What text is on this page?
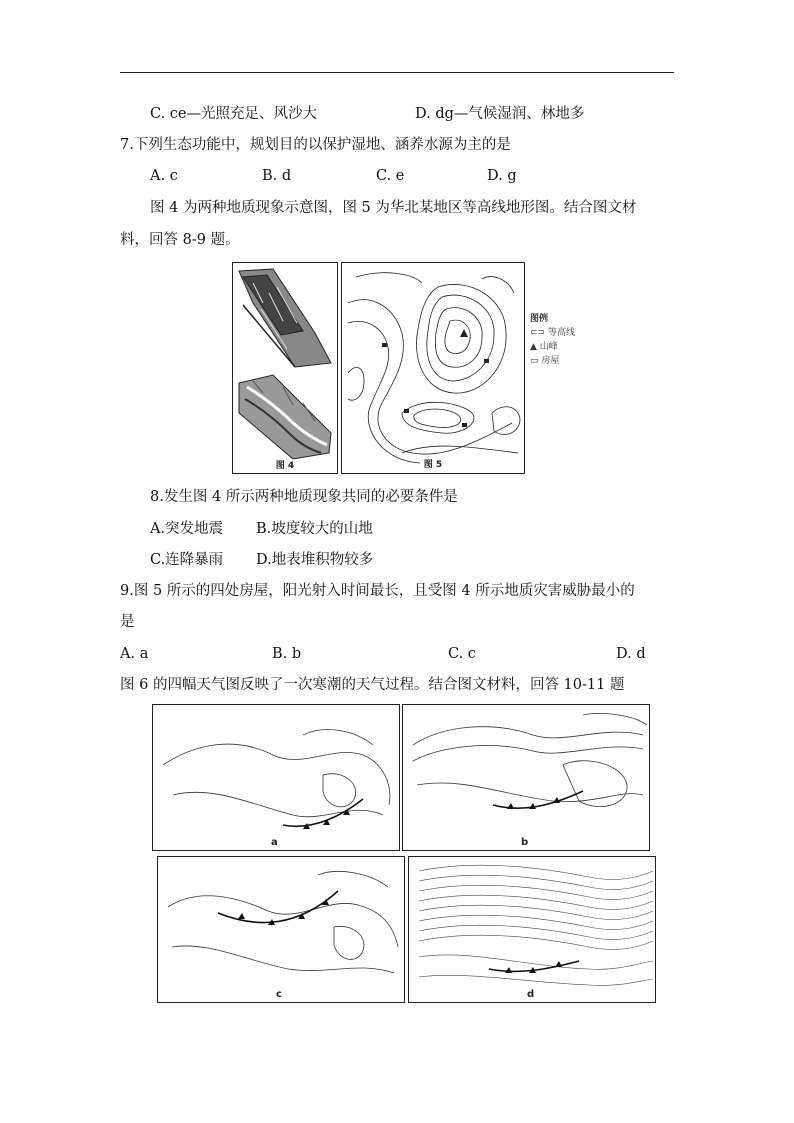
C. ce—光照充足、风沙大	D. dg—气候湿润、林地多
7.下列生态功能中，规划目的以保护湿地、涵养水源为主的是
A. c	B. d	C. e	D. g
图 4 为两种地质现象示意图，图 5 为华北某地区等高线地形图。结合图文材
料，回答 8-9 题。
图 4	图 5
图例
⊂⊃ 等高线
▲ 山峰
▭ 房屋
8.发生图 4 所示两种地质现象共同的必要条件是
A.突发地震 B.坡度较大的山地
C.连降暴雨 D.地表堆积物较多
9.图 5 所示的四处房屋，阳光射入时间最长，且受图 4 所示地质灾害威胁最小的
是
A. a	B. b	C. c	D. d
图 6 的四幅天气图反映了一次寒潮的天气过程。结合图文材料，回答 10-11 题
a	b
c	d
